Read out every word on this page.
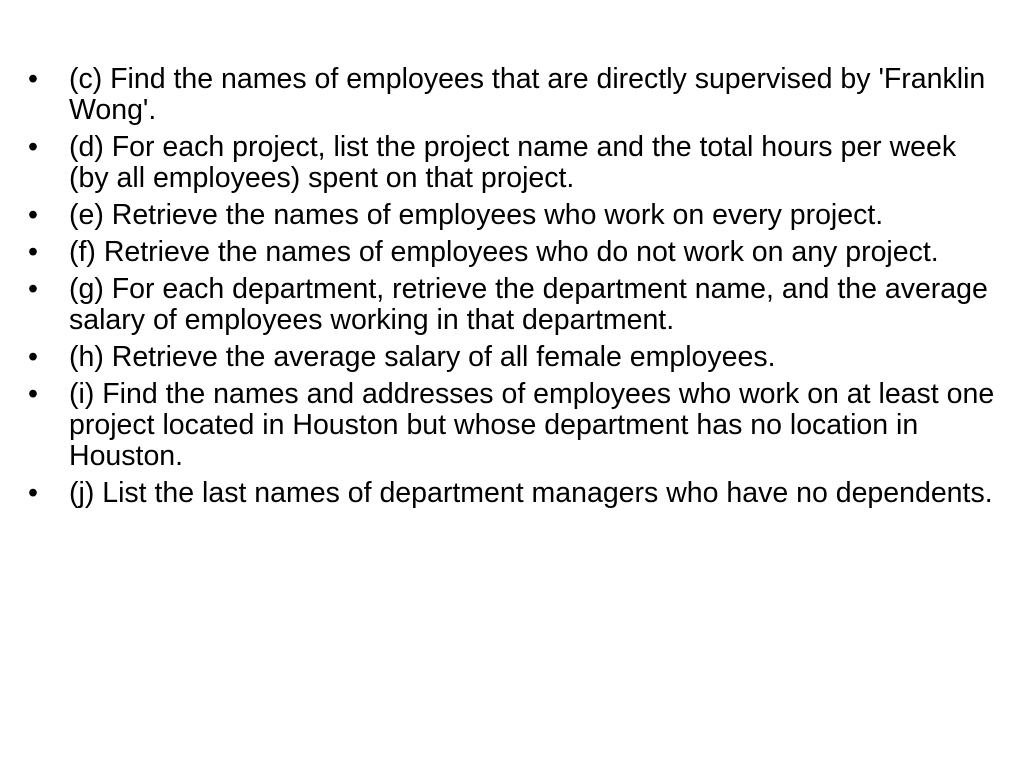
•	(c) Find the names of employees that are directly supervised by 'Franklin Wong'.
•	(d) For each project, list the project name and the total hours per week (by all employees) spent on that project.
•	(e) Retrieve the names of employees who work on every project.
•	(f) Retrieve the names of employees who do not work on any project.
•	(g) For each department, retrieve the department name, and the average salary of employees working in that department.
•	(h) Retrieve the average salary of all female employees.
•	(i) Find the names and addresses of employees who work on at least one project located in Houston but whose department has no location in Houston.
•	(j) List the last names of department managers who have no dependents.
